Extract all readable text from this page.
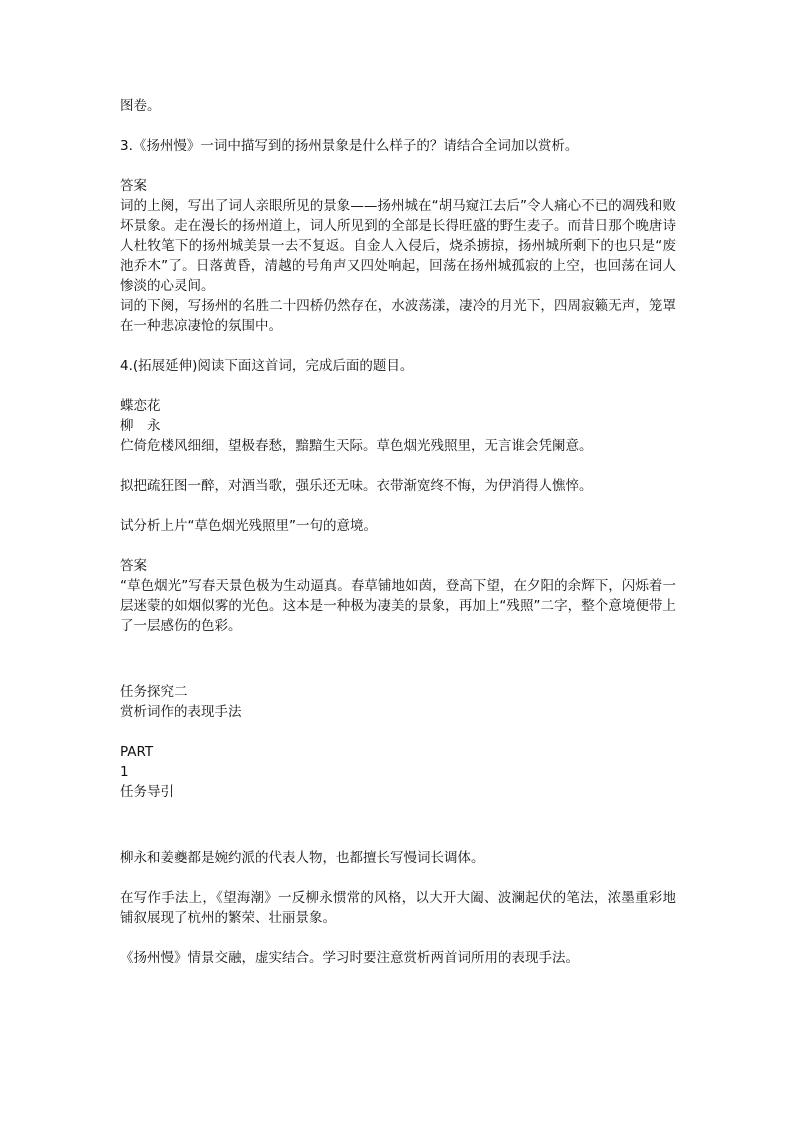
图卷。

3.《扬州慢》一词中描写到的扬州景象是什么样子的？请结合全词加以赏析。

答案

词的上阕，写出了词人亲眼所见的景象——扬州城在“胡马窥江去后”令人痛心不已的凋残和败坏景象。走在漫长的扬州道上，词人所见到的全部是长得旺盛的野生麦子。而昔日那个晚唐诗人杜牧笔下的扬州城美景一去不复返。自金人入侵后，烧杀掳掠，扬州城所剩下的也只是“废池乔木”了。日落黄昏，清越的号角声又四处响起，回荡在扬州城孤寂的上空，也回荡在词人惨淡的心灵间。

词的下阕，写扬州的名胜二十四桥仍然存在，水波荡漾，凄冷的月光下，四周寂籁无声，笼罩在一种悲凉凄怆的氛围中。

4.(拓展延伸)阅读下面这首词，完成后面的题目。

蝶恋花

柳　永

伫倚危楼风细细，望极春愁，黯黯生天际。草色烟光残照里，无言谁会凭阑意。

拟把疏狂图一醉，对酒当歌，强乐还无味。衣带渐宽终不悔，为伊消得人憔悴。

试分析上片“草色烟光残照里”一句的意境。

答案

“草色烟光”写春天景色极为生动逼真。春草铺地如茵，登高下望，在夕阳的余辉下，闪烁着一层迷蒙的如烟似雾的光色。这本是一种极为凄美的景象，再加上“残照”二字，整个意境便带上了一层感伤的色彩。

任务探究二

赏析词作的表现手法

PART

1

任务导引

柳永和姜夔都是婉约派的代表人物，也都擅长写慢词长调体。

在写作手法上，《望海潮》一反柳永惯常的风格，以大开大阖、波澜起伏的笔法，浓墨重彩地铺叙展现了杭州的繁荣、壮丽景象。

《扬州慢》情景交融，虚实结合。学习时要注意赏析两首词所用的表现手法。
